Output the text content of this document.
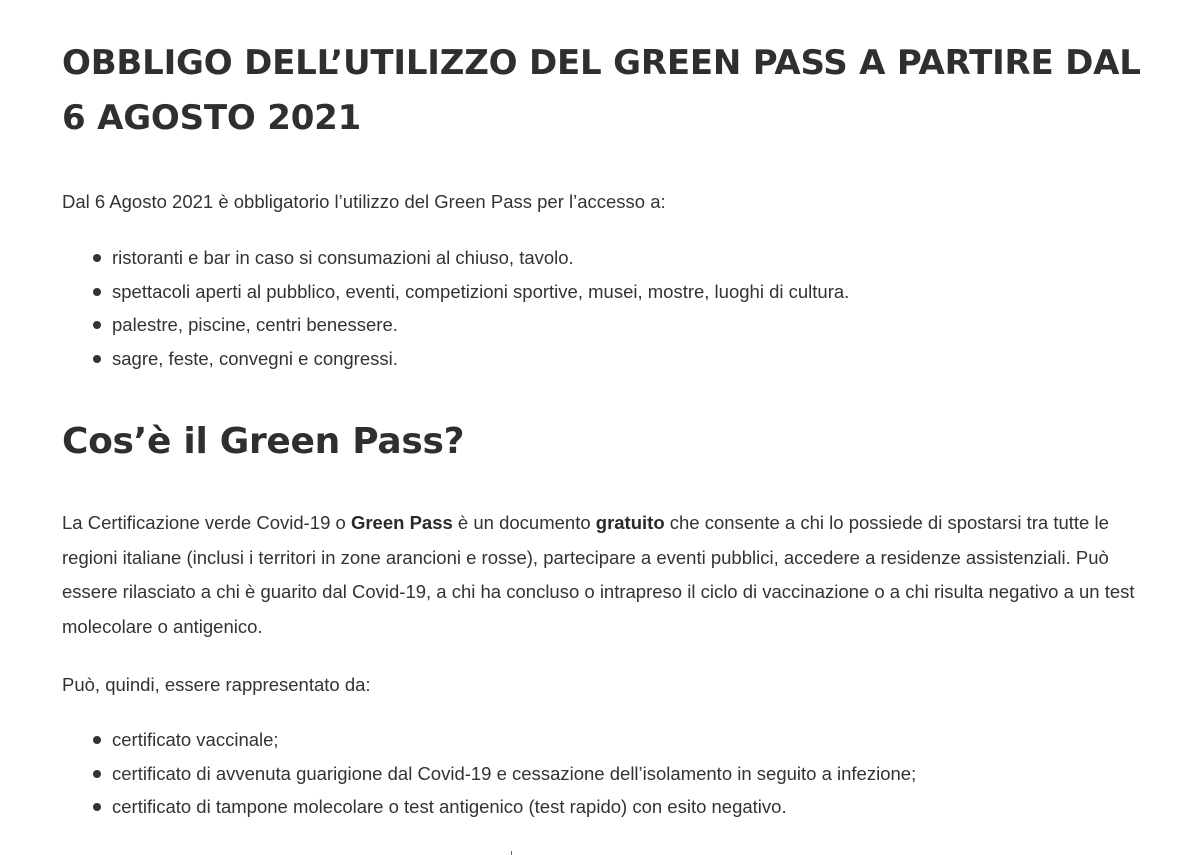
OBBLIGO DELL’UTILIZZO DEL GREEN PASS A PARTIRE DAL 6 AGOSTO 2021

Dal 6 Agosto 2021 è obbligatorio l’utilizzo del Green Pass per l’accesso a:

ristoranti e bar in caso si consumazioni al chiuso, tavolo.
spettacoli aperti al pubblico, eventi, competizioni sportive, musei, mostre, luoghi di cultura.
palestre, piscine, centri benessere.
sagre, feste, convegni e congressi.
Cos’è il Green Pass?

La Certificazione verde Covid-19 o Green Pass è un documento gratuito che consente a chi lo possiede di spostarsi tra tutte le regioni italiane (inclusi i territori in zone arancioni e rosse), partecipare a eventi pubblici, accedere a residenze assistenziali. Può essere rilasciato a chi è guarito dal Covid-19, a chi ha concluso o intrapreso il ciclo di vaccinazione o a chi risulta negativo a un test molecolare o antigenico.

Può, quindi, essere rappresentato da:

certificato vaccinale;
certificato di avvenuta guarigione dal Covid-19 e cessazione dell’isolamento in seguito a infezione;
certificato di tampone molecolare o test antigenico (test rapido) con esito negativo.
